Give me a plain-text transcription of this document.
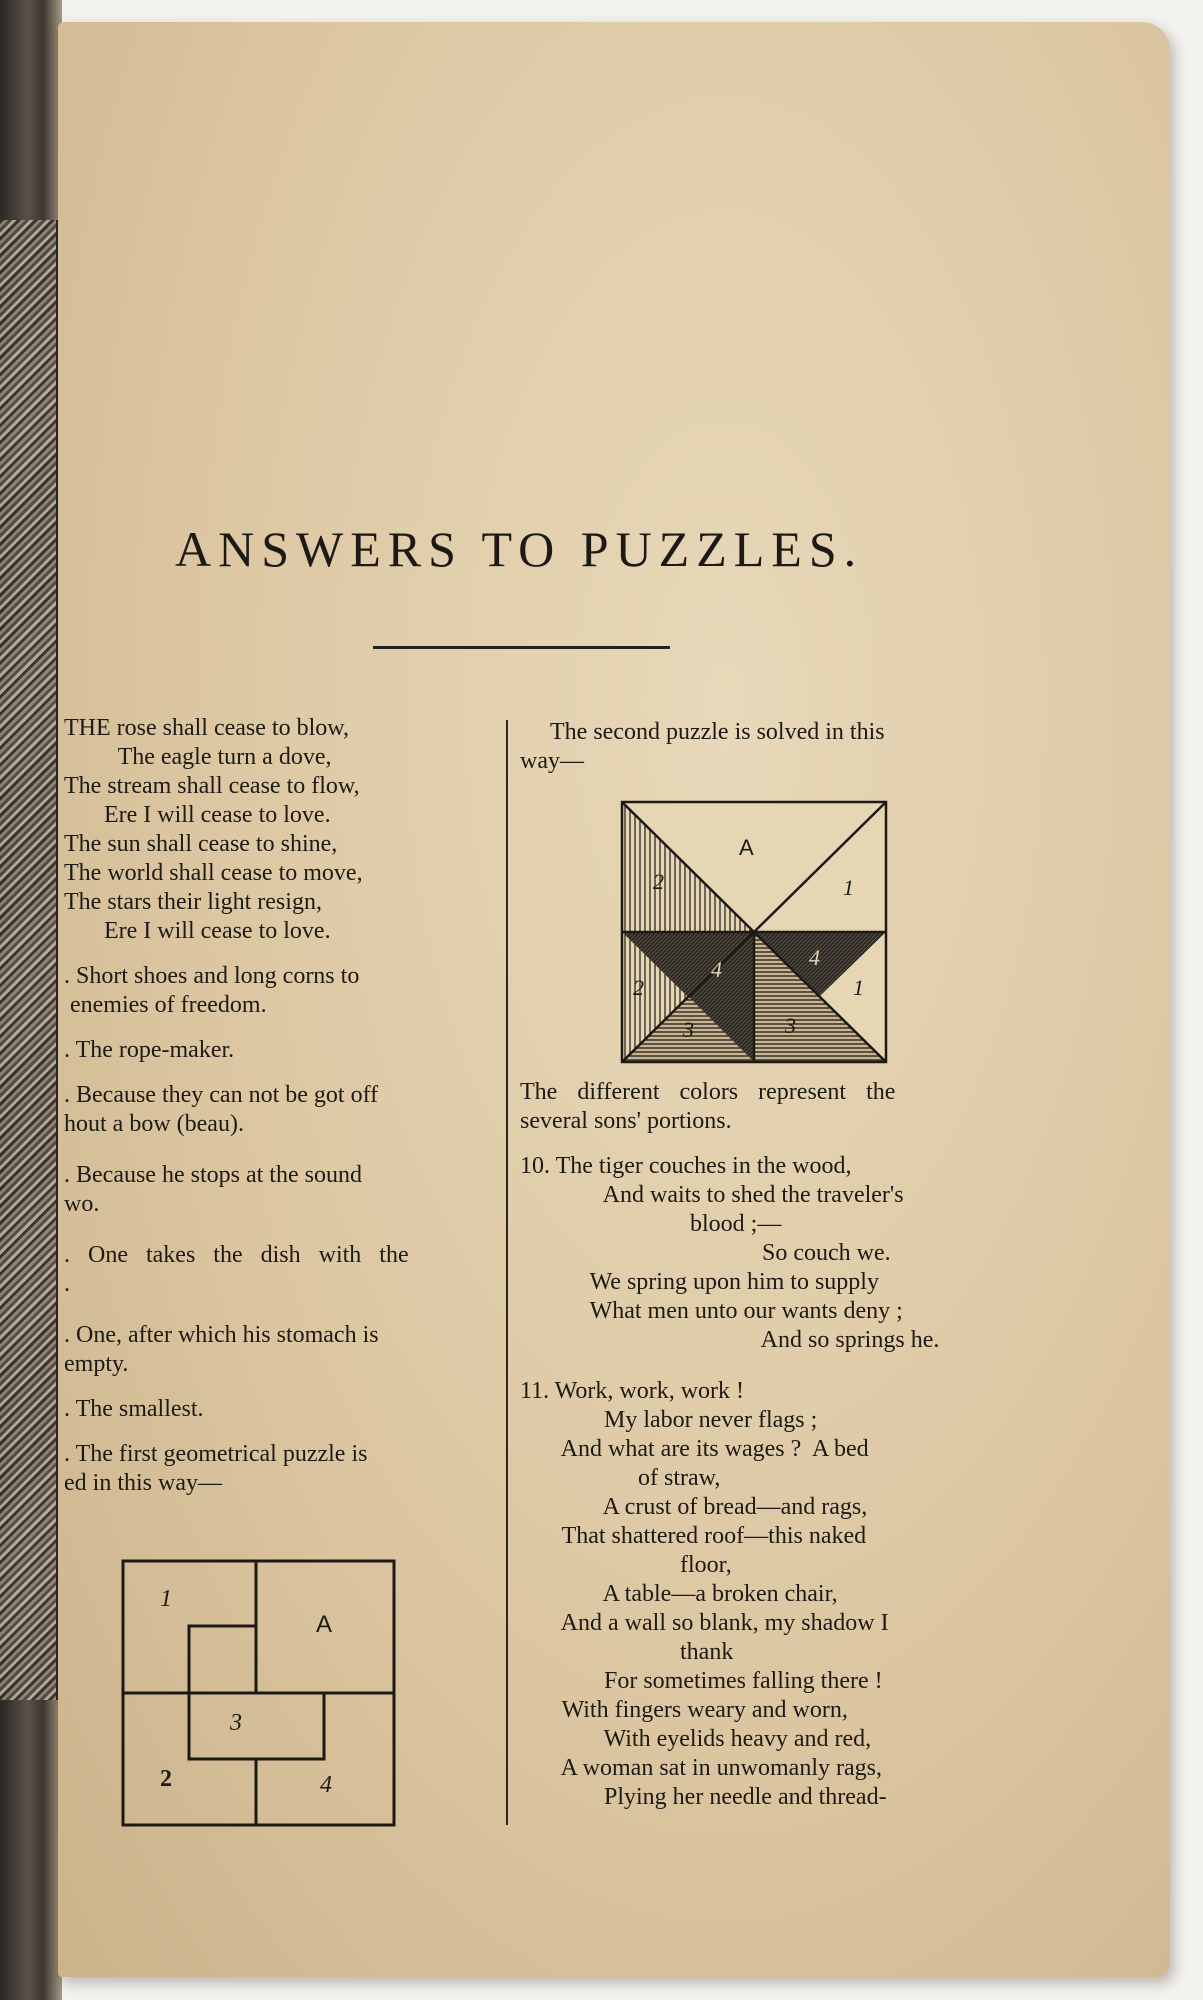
ANSWERS TO PUZZLES.

THE rose shall cease to blow,

The eagle turn a dove,

The stream shall cease to flow,

Ere I will cease to love.

The sun shall cease to shine,

The world shall cease to move,

The stars their light resign,

Ere I will cease to love.

. Short shoes and long corns to

enemies of freedom.

. The rope-maker.

. Because they can not be got off

hout a bow (beau).

. Because he stops at the sound

wo.

. One takes the dish with the

.

. One, after which his stomach is

empty.

. The smallest.

. The first geometrical puzzle is

ed in this way—

1
A
3
2	4

The second puzzle is solved in this

way—

The different colors represent the

several sons' portions.

10. The tiger couches in the wood,

And waits to shed the traveler's

blood ;—

So couch we.

We spring upon him to supply

What men unto our wants deny ;

And so springs he.

11. Work, work, work !

My labor never flags ;

And what are its wages ?  A bed

of straw,

A crust of bread—and rags,

That shattered roof—this naked

floor,

A table—a broken chair,

And a wall so blank, my shadow I

thank

For sometimes falling there !

With fingers weary and worn,

With eyelids heavy and red,

A woman sat in unwomanly rags,

Plying her needle and thread-

A
2	1
4	4
2	1
3	3
